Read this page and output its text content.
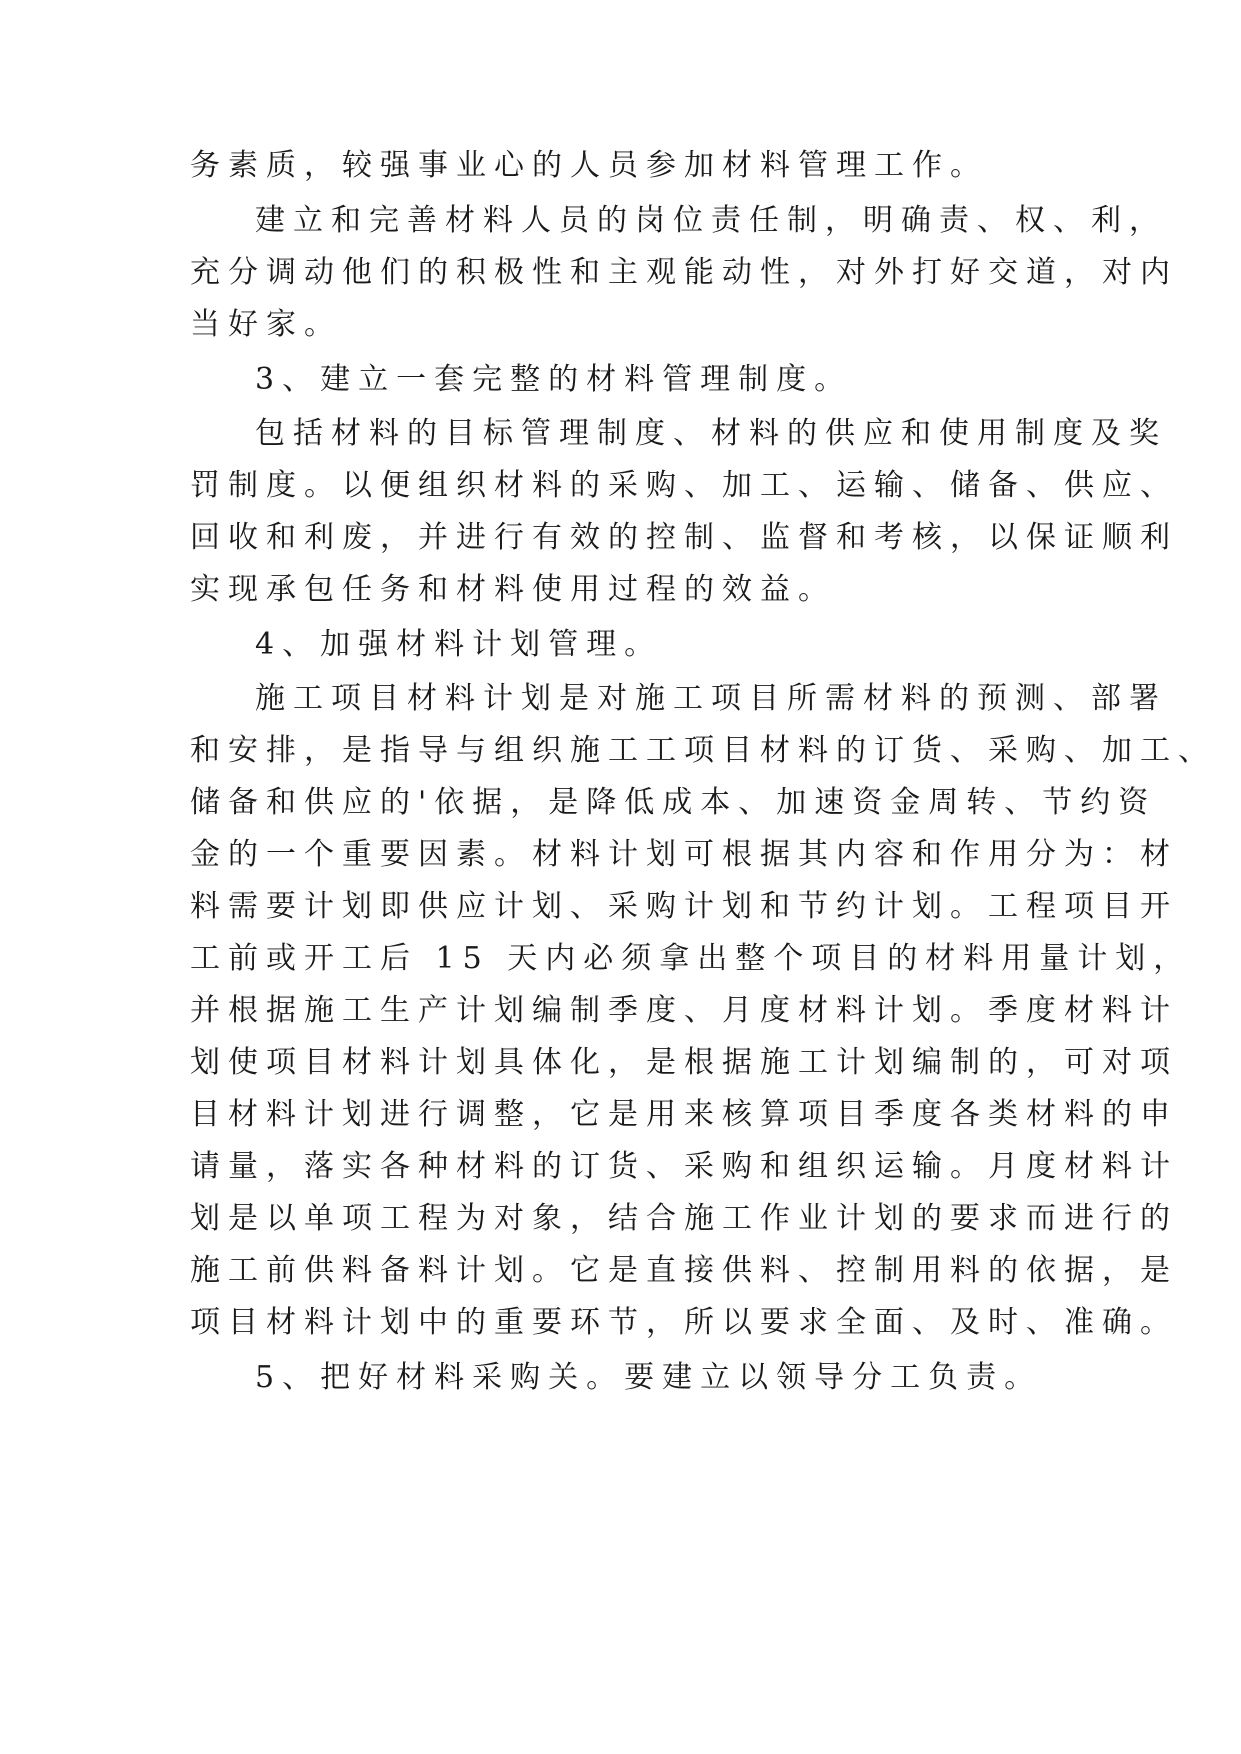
务素质，较强事业心的人员参加材料管理工作。
建立和完善材料人员的岗位责任制，明确责、权、利，
充分调动他们的积极性和主观能动性，对外打好交道，对内
当好家。
3、建立一套完整的材料管理制度。
包括材料的目标管理制度、材料的供应和使用制度及奖
罚制度。以便组织材料的采购、加工、运输、储备、供应、
回收和利废，并进行有效的控制、监督和考核，以保证顺利
实现承包任务和材料使用过程的效益。
4、加强材料计划管理。
施工项目材料计划是对施工项目所需材料的预测、部署
和安排，是指导与组织施工工项目材料的订货、采购、加工、
储备和供应的'依据，是降低成本、加速资金周转、节约资
金的一个重要因素。材料计划可根据其内容和作用分为：材
料需要计划即供应计划、采购计划和节约计划。工程项目开
工前或开工后 15 天内必须拿出整个项目的材料用量计划，
并根据施工生产计划编制季度、月度材料计划。季度材料计
划使项目材料计划具体化，是根据施工计划编制的，可对项
目材料计划进行调整，它是用来核算项目季度各类材料的申
请量，落实各种材料的订货、采购和组织运输。月度材料计
划是以单项工程为对象，结合施工作业计划的要求而进行的
施工前供料备料计划。它是直接供料、控制用料的依据，是
项目材料计划中的重要环节，所以要求全面、及时、准确。
5、把好材料采购关。要建立以领导分工负责。
